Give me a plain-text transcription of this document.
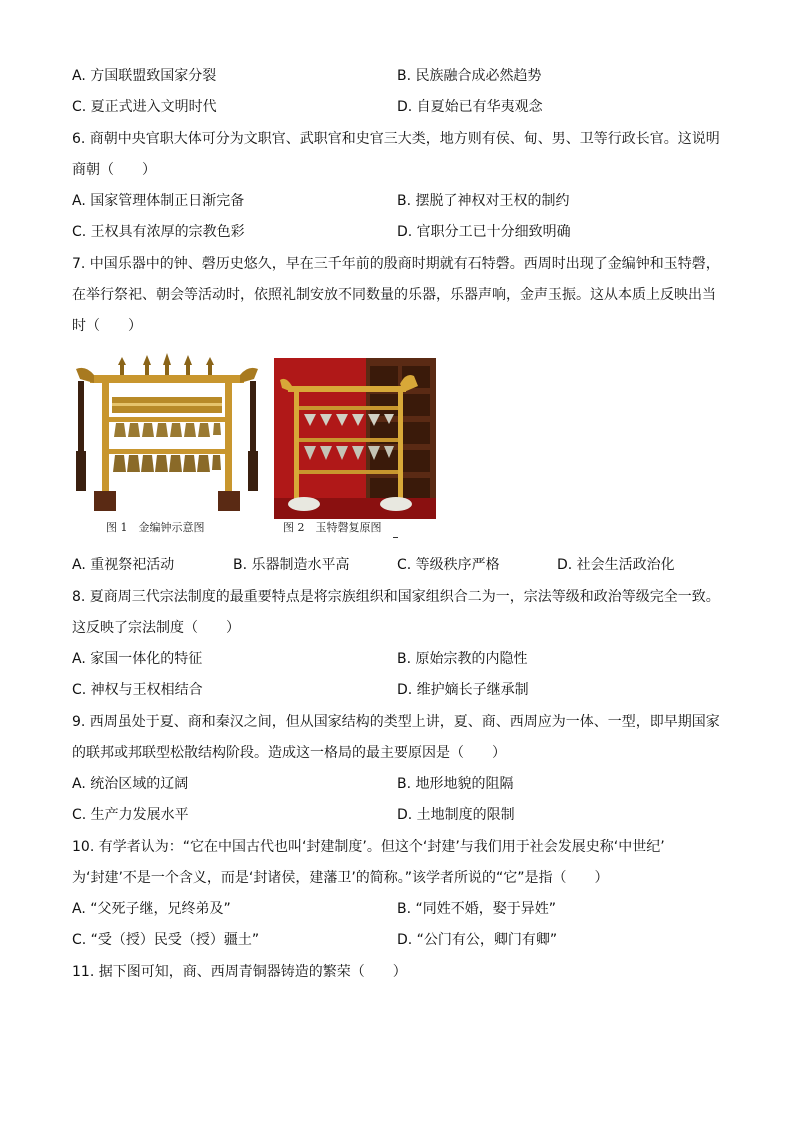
A. 方国联盟致国家分裂	B. 民族融合成必然趋势
C. 夏正式进入文明时代	D. 自夏始已有华夷观念
6. 商朝中央官职大体可分为文职官、武职官和史官三大类，地方则有侯、甸、男、卫等行政长官。这说明
商朝（　　）
A. 国家管理体制正日渐完备	B. 摆脱了神权对王权的制约
C. 王权具有浓厚的宗教色彩	D. 官职分工已十分细致明确
7. 中国乐器中的钟、磬历史悠久，早在三千年前的殷商时期就有石特磬。西周时出现了金编钟和玉特磬，
在举行祭祀、朝会等活动时，依照礼制安放不同数量的乐器，乐器声响，金声玉振。这从本质上反映出当
时（　　）
图 1　金编钟示意图	图 2　玉特磬复原图
A. 重视祭祀活动	B. 乐器制造水平高	C. 等级秩序严格	D. 社会生活政治化
8. 夏商周三代宗法制度的最重要特点是将宗族组织和国家组织合二为一，宗法等级和政治等级完全一致。
这反映了宗法制度（　　）
A. 家国一体化的特征	B. 原始宗教的内隐性
C. 神权与王权相结合	D. 维护嫡长子继承制
9. 西周虽处于夏、商和秦汉之间，但从国家结构的类型上讲，夏、商、西周应为一体、一型，即早期国家
的联邦或邦联型松散结构阶段。造成这一格局的最主要原因是（　　）
A. 统治区域的辽阔	B. 地形地貌的阻隔
C. 生产力发展水平	D. 土地制度的限制
10. 有学者认为：“它在中国古代也叫‘封建制度’。但这个‘封建’与我们用于社会发展史称‘中世纪’
为‘封建’不是一个含义，而是‘封诸侯，建藩卫’的简称。”该学者所说的“它”是指（　　）
A. “父死子继，兄终弟及”	B. “同姓不婚，娶于异姓”
C. “受（授）民受（授）疆土”	D. “公门有公，卿门有卿”
11. 据下图可知，商、西周青铜器铸造的繁荣（　　）
